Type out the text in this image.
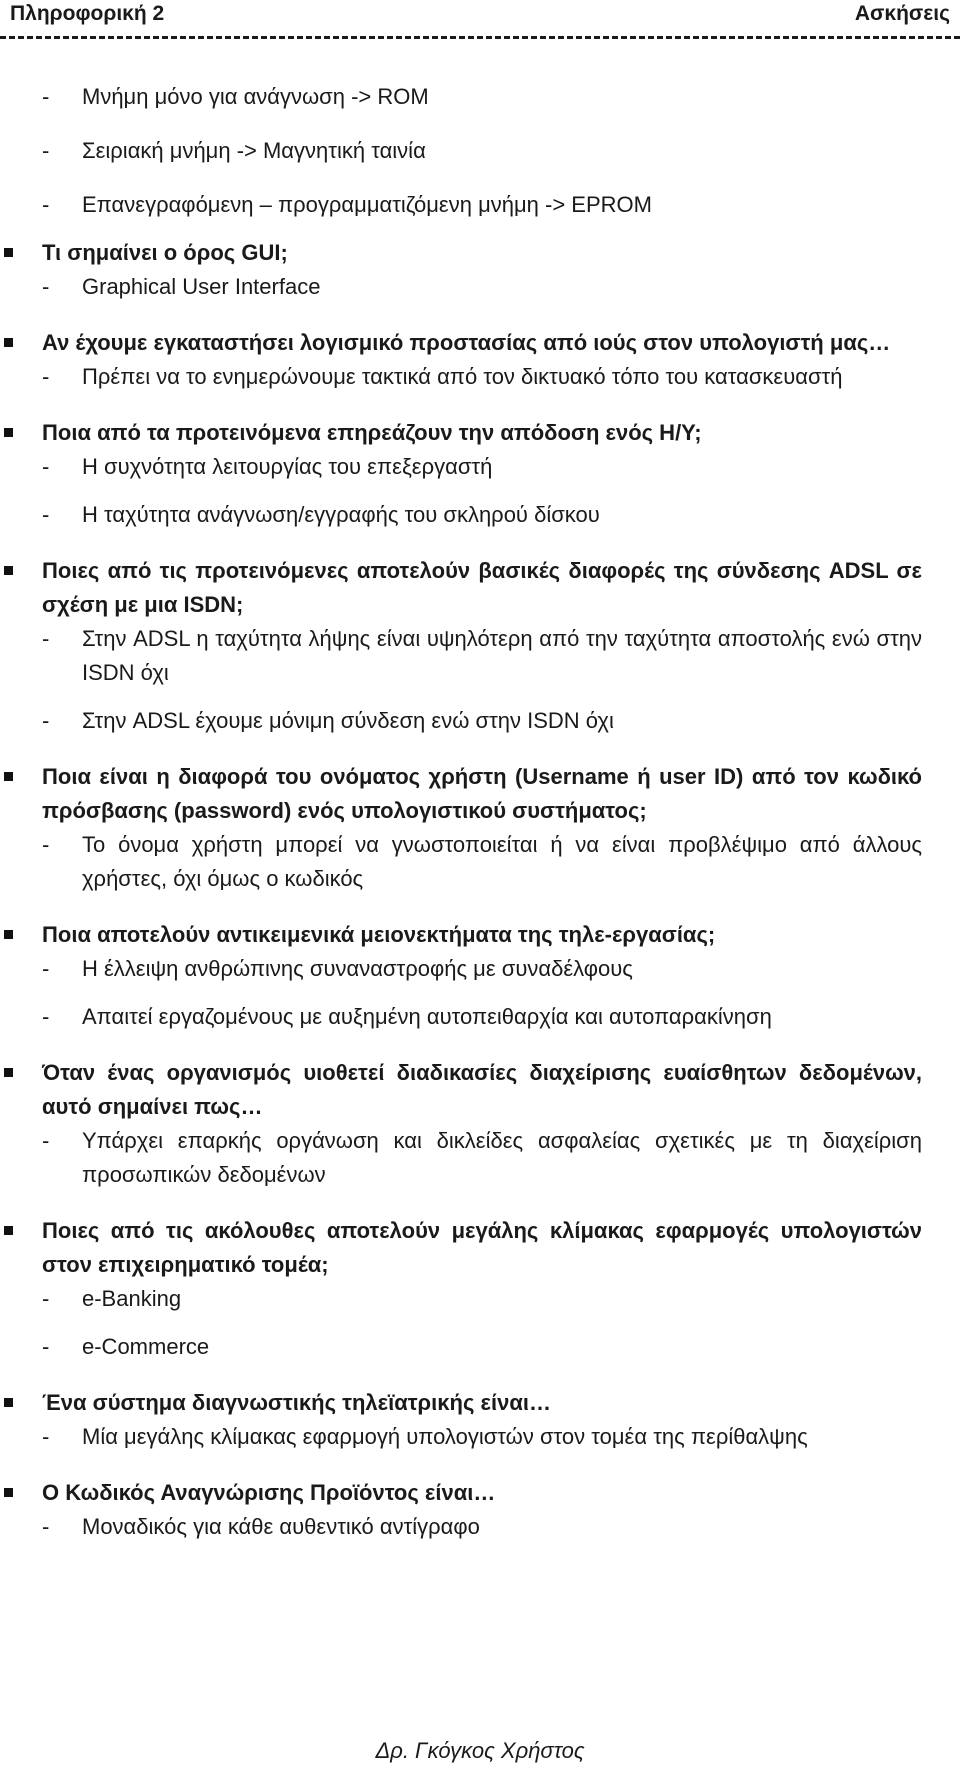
Πληροφορική 2	Ασκήσεις
-	Μνήμη μόνο για ανάγνωση -> ROM
-	Σειριακή μνήμη -> Μαγνητική ταινία
-	Επανεγραφόμενη – προγραμματιζόμενη μνήμη -> EPROM
Τι σημαίνει ο όρος GUI;
-	Graphical User Interface
Αν έχουμε εγκαταστήσει λογισμικό προστασίας από ιούς στον υπολογιστή μας…
-	Πρέπει να το ενημερώνουμε τακτικά από τον δικτυακό τόπο του κατασκευαστή
Ποια από τα προτεινόμενα επηρεάζουν την απόδοση ενός Η/Υ;
-	Η συχνότητα λειτουργίας του επεξεργαστή
-	Η ταχύτητα ανάγνωση/εγγραφής του σκληρού δίσκου
Ποιες από τις προτεινόμενες αποτελούν βασικές διαφορές της σύνδεσης ADSL σε σχέση με μια ISDN;
-	Στην ADSL η ταχύτητα λήψης είναι υψηλότερη από την ταχύτητα αποστολής ενώ στην ISDN όχι
-	Στην ADSL έχουμε μόνιμη σύνδεση ενώ στην ISDN όχι
Ποια είναι η διαφορά του ονόματος χρήστη (Username ή user ID) από τον κωδικό πρόσβασης (password) ενός υπολογιστικού συστήματος;
-	Το όνομα χρήστη μπορεί να γνωστοποιείται ή να είναι προβλέψιμο από άλλους χρήστες, όχι όμως ο κωδικός
Ποια αποτελούν αντικειμενικά μειονεκτήματα της τηλε-εργασίας;
-	Η έλλειψη ανθρώπινης συναναστροφής με συναδέλφους
-	Απαιτεί εργαζομένους με αυξημένη αυτοπειθαρχία και αυτοπαρακίνηση
Όταν ένας οργανισμός υιοθετεί διαδικασίες διαχείρισης ευαίσθητων δεδομένων, αυτό σημαίνει πως…
-	Υπάρχει επαρκής οργάνωση και δικλείδες ασφαλείας σχετικές με τη διαχείριση προσωπικών δεδομένων
Ποιες από τις ακόλουθες αποτελούν μεγάλης κλίμακας εφαρμογές υπολογιστών στον επιχειρηματικό τομέα;
-	e-Banking
-	e-Commerce
Ένα σύστημα διαγνωστικής τηλεϊατρικής είναι…
-	Μία μεγάλης κλίμακας εφαρμογή υπολογιστών στον τομέα της περίθαλψης
Ο Κωδικός Αναγνώρισης Προϊόντος είναι…
-	Μοναδικός για κάθε αυθεντικό αντίγραφο
Δρ. Γκόγκος Χρήστος
